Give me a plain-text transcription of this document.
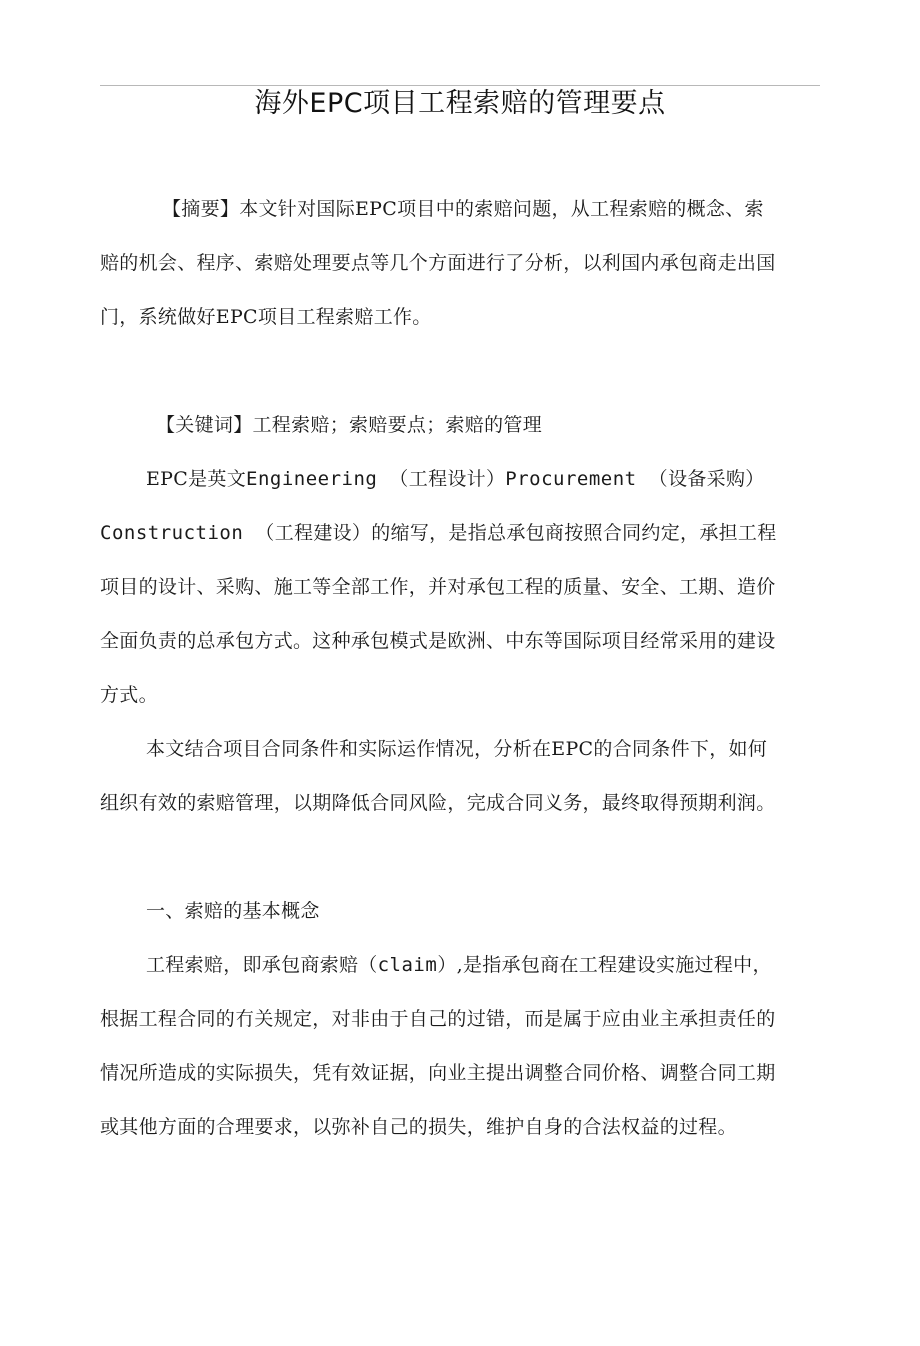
海外EPC项目工程索赔的管理要点

【摘要】本文针对国际EPC项目中的索赔问题，从工程索赔的概念、索赔的机会、程序、索赔处理要点等几个方面进行了分析，以利国内承包商走出国门，系统做好EPC项目工程索赔工作。

【关键词】工程索赔；索赔要点；索赔的管理

EPC是英文Engineering （工程设计）Procurement （设备采购）Construction （工程建设）的缩写，是指总承包商按照合同约定，承担工程项目的设计、采购、施工等全部工作，并对承包工程的质量、安全、工期、造价全面负责的总承包方式。这种承包模式是欧洲、中东等国际项目经常采用的建设方式。

本文结合项目合同条件和实际运作情况，分析在EPC的合同条件下，如何组织有效的索赔管理，以期降低合同风险，完成合同义务，最终取得预期利润。

一、索赔的基本概念

工程索赔，即承包商索赔（claim）,是指承包商在工程建设实施过程中，根据工程合同的冇关规定，对非由于自己的过错，而是属于应由业主承担责任的情况所造成的实际损失，凭有效证据，向业主提出调整合同价格、调整合同工期或其他方面的合理要求，以弥补自己的损失，维护自身的合法权益的过程。
